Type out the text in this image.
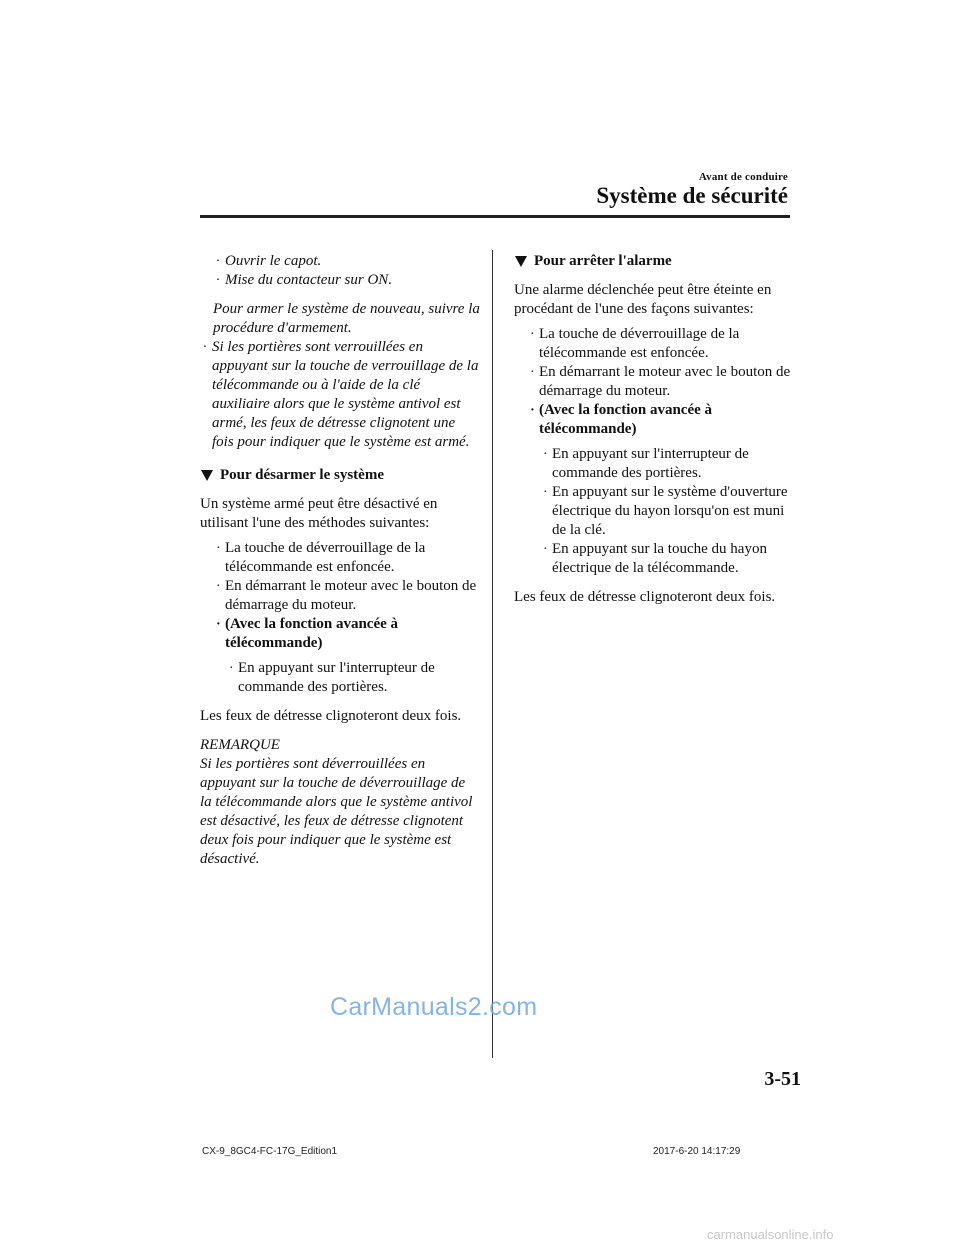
Avant de conduire
Système de sécurité
· Ouvrir le capot.
· Mise du contacteur sur ON.

Pour armer le système de nouveau, suivre la procédure d'armement.

· Si les portières sont verrouillées en appuyant sur la touche de verrouillage de la télécommande ou à l'aide de la clé auxiliaire alors que le système antivol est armé, les feux de détresse clignotent une fois pour indiquer que le système est armé.
Pour désarmer le système

Un système armé peut être désactivé en utilisant l'une des méthodes suivantes:

· La touche de déverrouillage de la télécommande est enfoncée.
· En démarrant le moteur avec le bouton de démarrage du moteur.
· (Avec la fonction avancée à télécommande)
· En appuyant sur l'interrupteur de commande des portières.

Les feux de détresse clignoteront deux fois.

REMARQUE

Si les portières sont déverrouillées en appuyant sur la touche de déverrouillage de la télécommande alors que le système antivol est désactivé, les feux de détresse clignotent deux fois pour indiquer que le système est désactivé.

Pour arrêter l'alarme

Une alarme déclenchée peut être éteinte en procédant de l'une des façons suivantes:

· La touche de déverrouillage de la télécommande est enfoncée.
· En démarrant le moteur avec le bouton de démarrage du moteur.
· (Avec la fonction avancée à télécommande)
· En appuyant sur l'interrupteur de commande des portières.
· En appuyant sur le système d'ouverture électrique du hayon lorsqu'on est muni de la clé.
· En appuyant sur la touche du hayon électrique de la télécommande.

Les feux de détresse clignoteront deux fois.

CarManuals2.com
3-51
CX-9_8GC4-FC-17G_Edition1	2017-6-20 14:17:29
carmanualsonline.info
